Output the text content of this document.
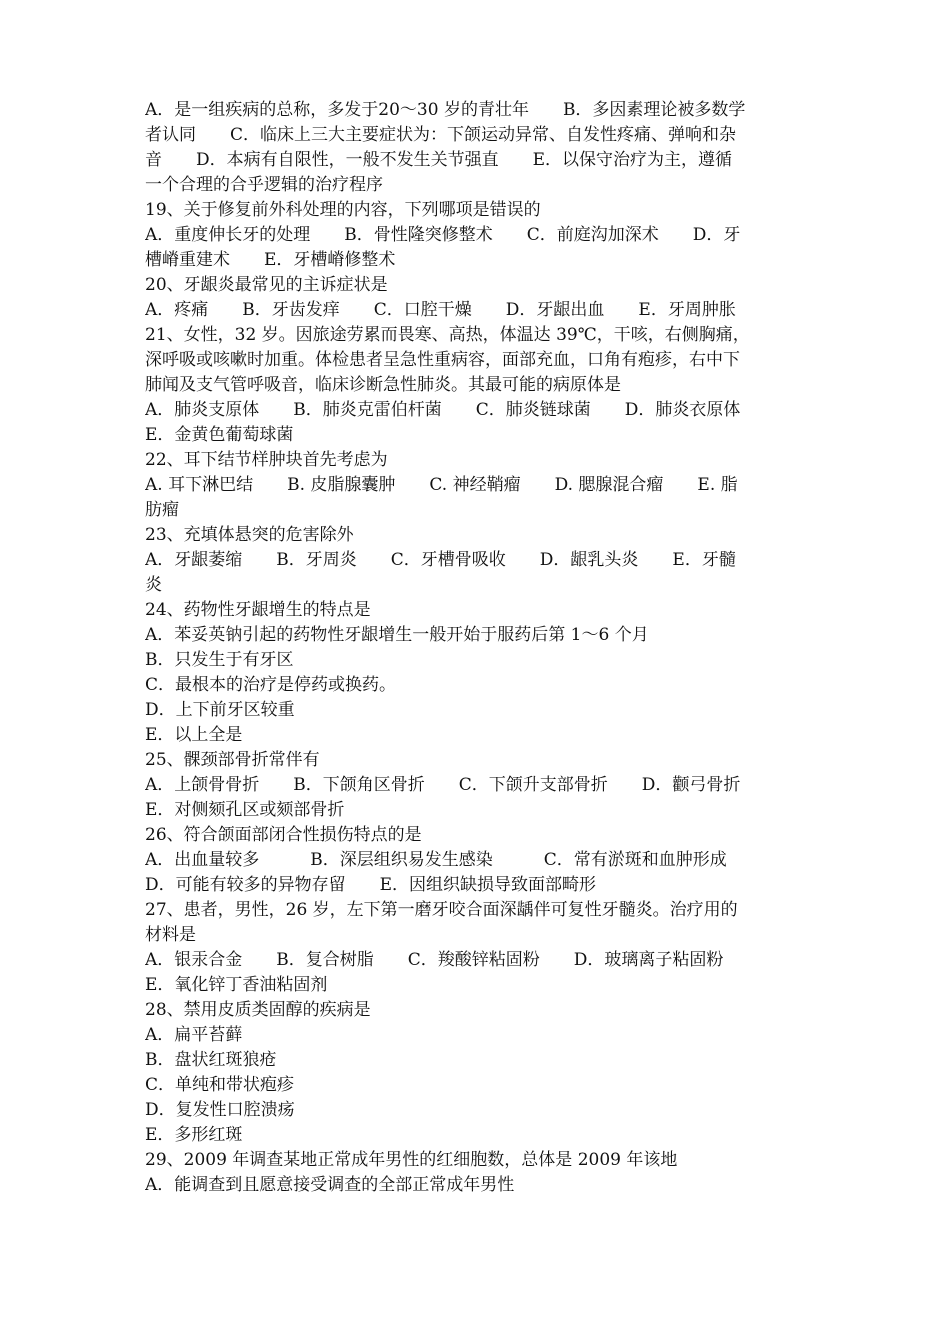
A．是一组疾病的总称，多发于20～30 岁的青壮年　　B．多因素理论被多数学
者认同　　C．临床上三大主要症状为：下颌运动异常、自发性疼痛、弹响和杂
音　　D．本病有自限性，一般不发生关节强直　　E．以保守治疗为主，遵循
一个合理的合乎逻辑的治疗程序
19、关于修复前外科处理的内容，下列哪项是错误的
A．重度伸长牙的处理　　B．骨性隆突修整术　　C．前庭沟加深术　　D．牙
槽嵴重建术　　E．牙槽嵴修整术
20、牙龈炎最常见的主诉症状是
A．疼痛　　B．牙齿发痒　　C．口腔干燥　　D．牙龈出血　　E．牙周肿胀
21、女性，32 岁。因旅途劳累而畏寒、高热，体温达 39℃，干咳，右侧胸痛，
深呼吸或咳嗽时加重。体检患者呈急性重病容，面部充血，口角有疱疹，右中下
肺闻及支气管呼吸音，临床诊断急性肺炎。其最可能的病原体是
A．肺炎支原体　　B．肺炎克雷伯杆菌　　C．肺炎链球菌　　D．肺炎衣原体
E．金黄色葡萄球菌
22、耳下结节样肿块首先考虑为
A. 耳下淋巴结　　B. 皮脂腺囊肿　　C. 神经鞘瘤　　D. 腮腺混合瘤　　E. 脂
肪瘤
23、充填体悬突的危害除外
A．牙龈萎缩　　B．牙周炎　　C．牙槽骨吸收　　D．龈乳头炎　　E．牙髓
炎
24、药物性牙龈增生的特点是
A．苯妥英钠引起的药物性牙龈增生一般开始于服药后第 1～6 个月
B．只发生于有牙区
C．最根本的治疗是停药或换药。
D．上下前牙区较重
E．以上全是
25、髁颈部骨折常伴有
A．上颌骨骨折　　B．下颌角区骨折　　C．下颌升支部骨折　　D．颧弓骨折
E．对侧颏孔区或颏部骨折
26、符合颌面部闭合性损伤特点的是
A．出血量较多　　　B．深层组织易发生感染　　　C．常有淤斑和血肿形成
D．可能有较多的异物存留　　E．因组织缺损导致面部畸形
27、患者，男性，26 岁，左下第一磨牙咬合面深龋伴可复性牙髓炎。治疗用的
材料是
A．银汞合金　　B．复合树脂　　C．羧酸锌粘固粉　　D．玻璃离子粘固粉
E．氧化锌丁香油粘固剂
28、禁用皮质类固醇的疾病是
A．扁平苔藓
B．盘状红斑狼疮
C．单纯和带状疱疹
D．复发性口腔溃疡
E．多形红斑
29、2009 年调查某地正常成年男性的红细胞数，总体是 2009 年该地
A．能调查到且愿意接受调查的全部正常成年男性
